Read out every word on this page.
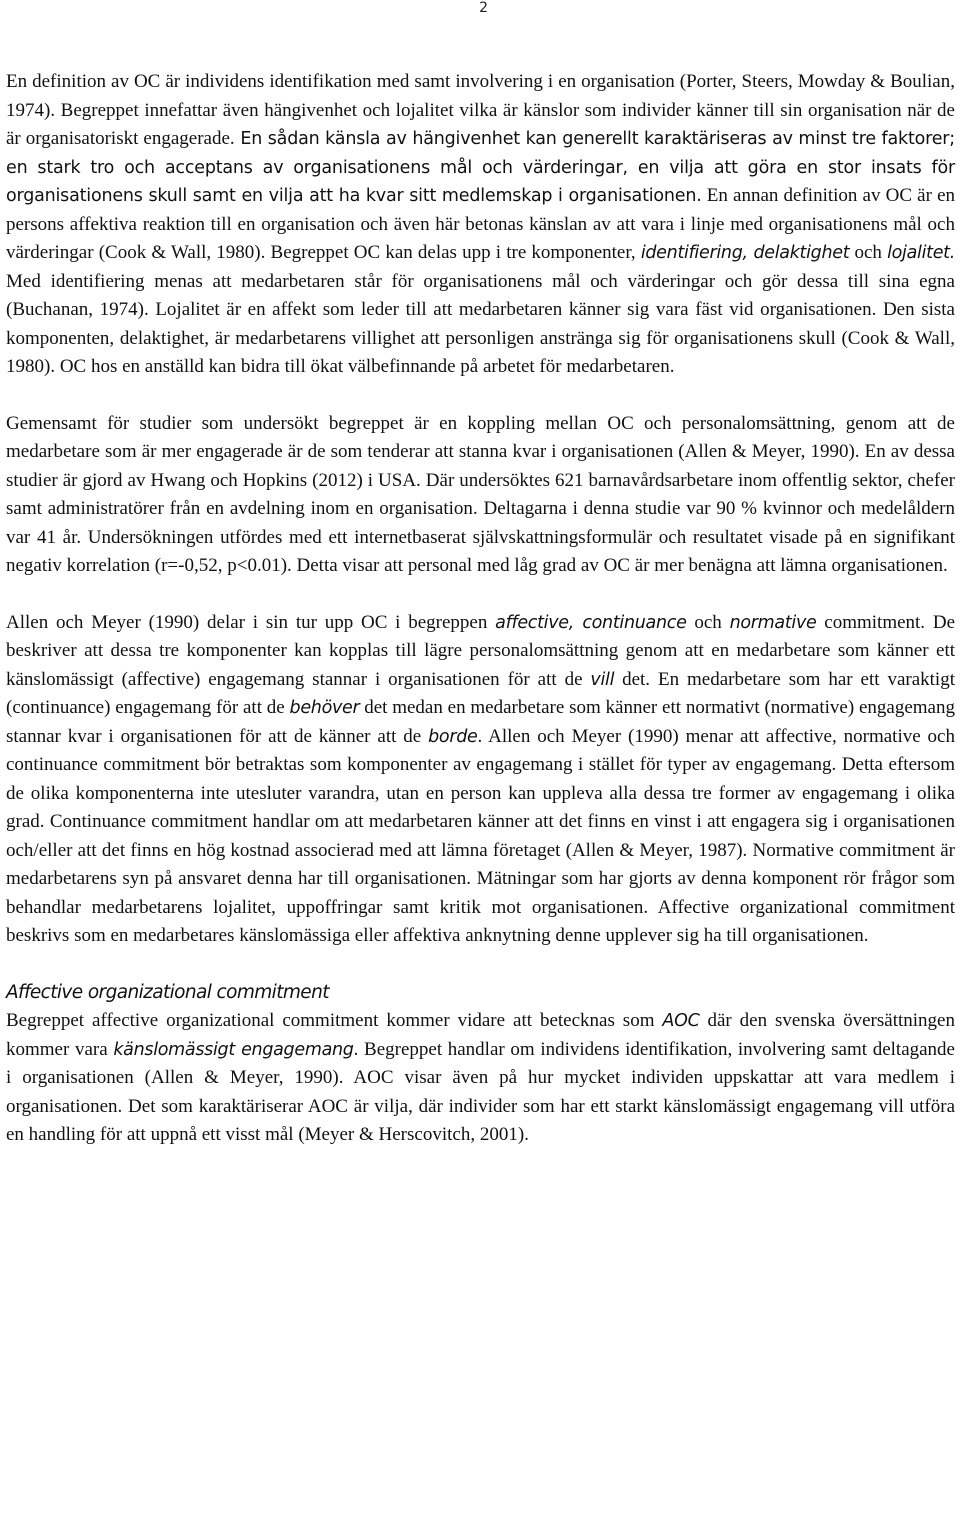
2

En definition av OC är individens identifikation med samt involvering i en organisation (Porter, Steers, Mowday & Boulian, 1974). Begreppet innefattar även hängivenhet och lojalitet vilka är känslor som individer känner till sin organisation när de är organisatoriskt engagerade. En sådan känsla av hängivenhet kan generellt karaktäriseras av minst tre faktorer; en stark tro och acceptans av organisationens mål och värderingar, en vilja att göra en stor insats för organisationens skull samt en vilja att ha kvar sitt medlemskap i organisationen. En annan definition av OC är en persons affektiva reaktion till en organisation och även här betonas känslan av att vara i linje med organisationens mål och värderingar (Cook & Wall, 1980). Begreppet OC kan delas upp i tre komponenter, identifiering, delaktighet och lojalitet. Med identifiering menas att medarbetaren står för organisationens mål och värderingar och gör dessa till sina egna (Buchanan, 1974). Lojalitet är en affekt som leder till att medarbetaren känner sig vara fäst vid organisationen. Den sista komponenten, delaktighet, är medarbetarens villighet att personligen anstränga sig för organisationens skull (Cook & Wall, 1980). OC hos en anställd kan bidra till ökat välbefinnande på arbetet för medarbetaren.

Gemensamt för studier som undersökt begreppet är en koppling mellan OC och personalomsättning, genom att de medarbetare som är mer engagerade är de som tenderar att stanna kvar i organisationen (Allen & Meyer, 1990). En av dessa studier är gjord av Hwang och Hopkins (2012) i USA. Där undersöktes 621 barnavårdsarbetare inom offentlig sektor, chefer samt administratörer från en avdelning inom en organisation. Deltagarna i denna studie var 90 % kvinnor och medelåldern var 41 år. Undersökningen utfördes med ett internetbaserat självskattningsformulär och resultatet visade på en signifikant negativ korrelation (r=-0,52, p<0.01). Detta visar att personal med låg grad av OC är mer benägna att lämna organisationen.

Allen och Meyer (1990) delar i sin tur upp OC i begreppen affective, continuance och normative commitment. De beskriver att dessa tre komponenter kan kopplas till lägre personalomsättning genom att en medarbetare som känner ett känslomässigt (affective) engagemang stannar i organisationen för att de vill det. En medarbetare som har ett varaktigt (continuance) engagemang för att de behöver det medan en medarbetare som känner ett normativt (normative) engagemang stannar kvar i organisationen för att de känner att de borde. Allen och Meyer (1990) menar att affective, normative och continuance commitment bör betraktas som komponenter av engagemang i stället för typer av engagemang. Detta eftersom de olika komponenterna inte utesluter varandra, utan en person kan uppleva alla dessa tre former av engagemang i olika grad. Continuance commitment handlar om att medarbetaren känner att det finns en vinst i att engagera sig i organisationen och/eller att det finns en hög kostnad associerad med att lämna företaget (Allen & Meyer, 1987). Normative commitment är medarbetarens syn på ansvaret denna har till organisationen. Mätningar som har gjorts av denna komponent rör frågor som behandlar medarbetarens lojalitet, uppoffringar samt kritik mot organisationen. Affective organizational commitment beskrivs som en medarbetares känslomässiga eller affektiva anknytning denne upplever sig ha till organisationen.

Affective organizational commitment

Begreppet affective organizational commitment kommer vidare att betecknas som AOC där den svenska översättningen kommer vara känslomässigt engagemang. Begreppet handlar om individens identifikation, involvering samt deltagande i organisationen (Allen & Meyer, 1990). AOC visar även på hur mycket individen uppskattar att vara medlem i organisationen. Det som karaktäriserar AOC är vilja, där individer som har ett starkt känslomässigt engagemang vill utföra en handling för att uppnå ett visst mål (Meyer & Herscovitch, 2001).
